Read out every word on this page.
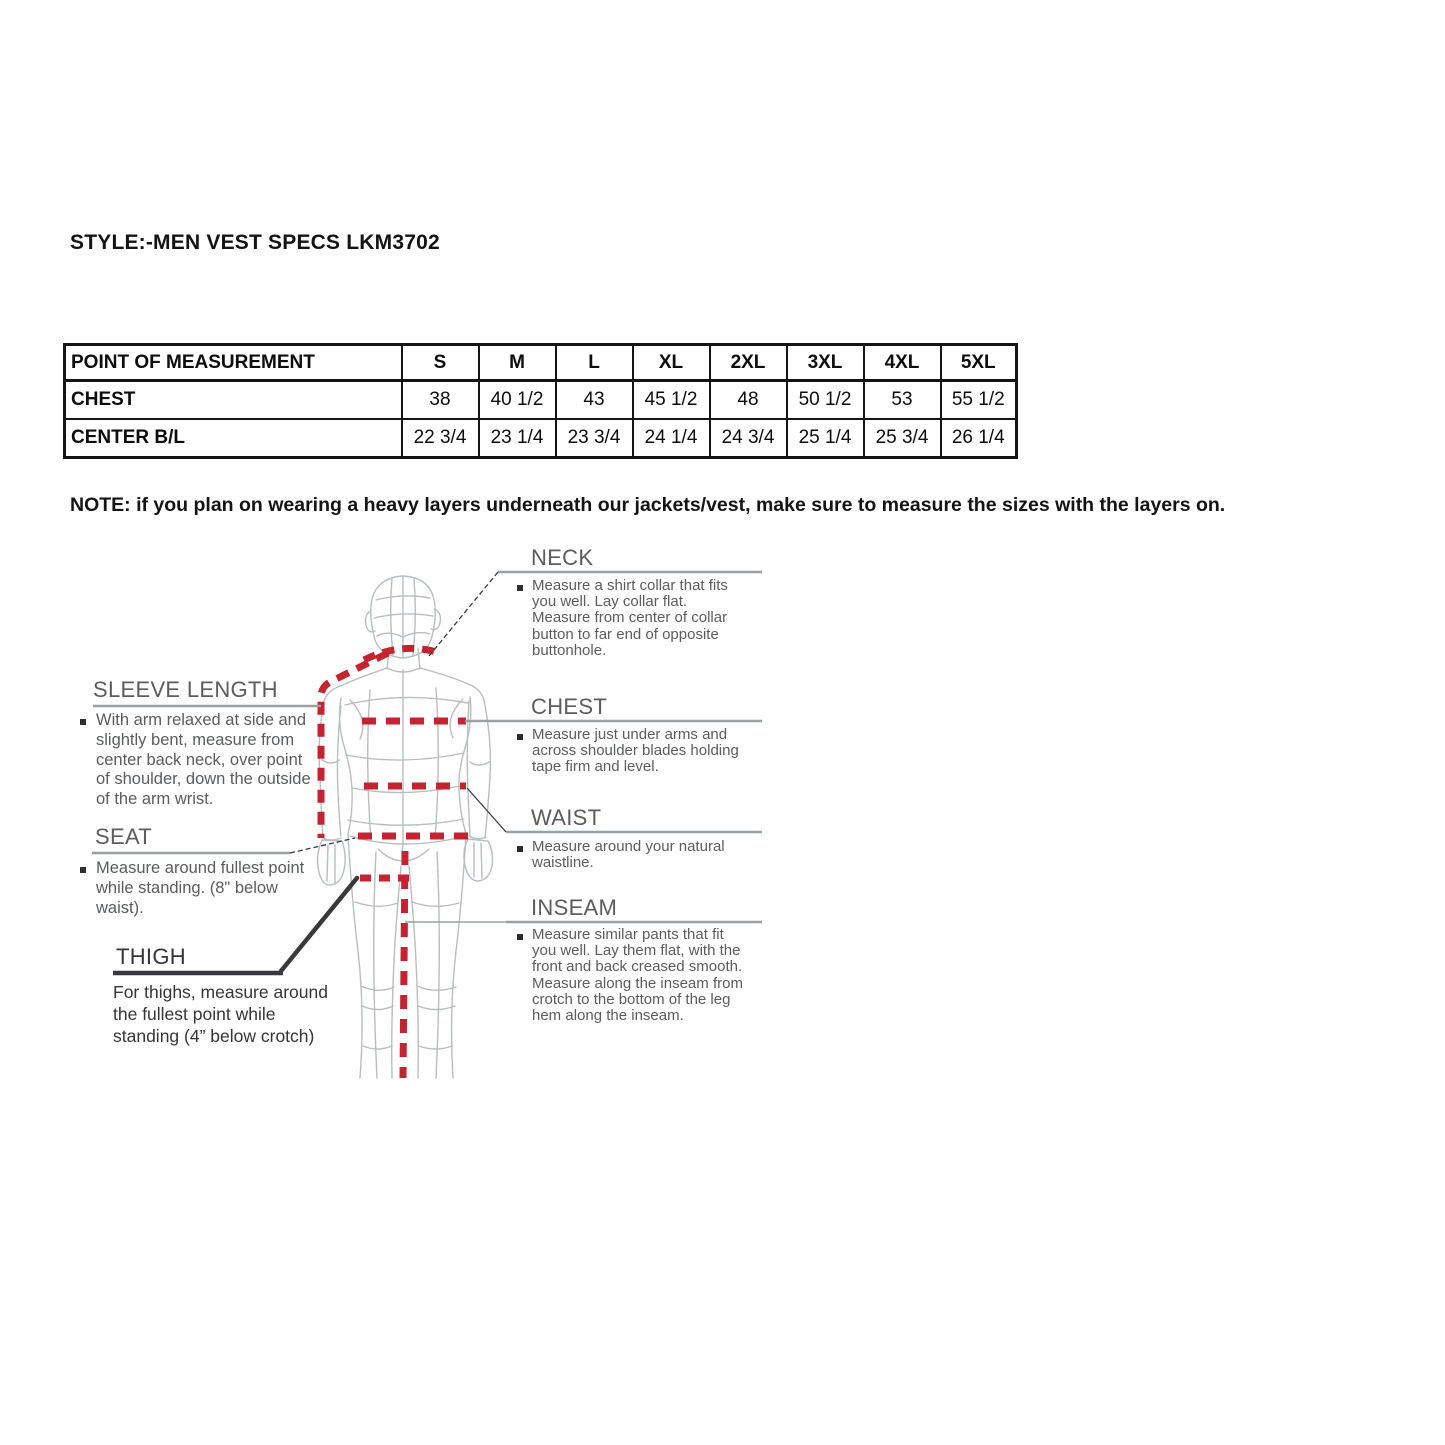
STYLE:-MEN VEST SPECS LKM3702
POINT OF MEASUREMENT	S	M	L	XL	2XL	3XL	4XL	5XL
CHEST	38	40 1/2	43	45 1/2	48	50 1/2	53	55 1/2
CENTER B/L	22 3/4	23 1/4	23 3/4	24 1/4	24 3/4	25 1/4	25 3/4	26 1/4
NOTE: if you plan on wearing a heavy layers underneath our jackets/vest, make sure to measure the sizes with the layers on.
NECK
Measure a shirt collar that fits you well. Lay collar flat. Measure from center of collar button to far end of opposite buttonhole.
CHEST
Measure just under arms and across shoulder blades holding tape firm and level.
WAIST
Measure around your natural waistline.
INSEAM
Measure similar pants that fit you well. Lay them flat, with the front and back creased smooth. Measure along the inseam from crotch to the bottom of the leg hem along the inseam.
SLEEVE LENGTH
With arm relaxed at side and slightly bent, measure from center back neck, over point of shoulder, down the outside of the arm wrist.
SEAT
Measure around fullest point while standing. (8" below waist).
THIGH
For thighs, measure around the fullest point while standing (4” below crotch)
